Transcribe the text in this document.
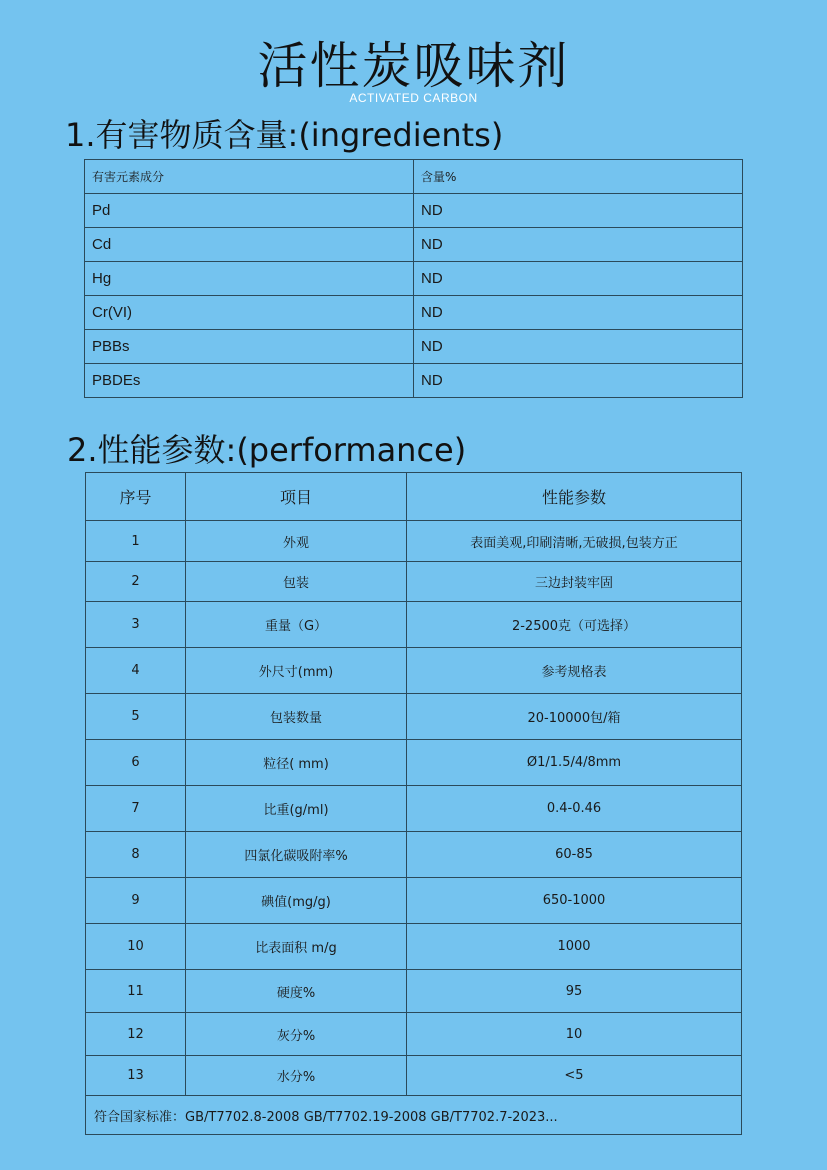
活性炭吸味剂
ACTIVATED CARBON
1.有害物质含量:(ingredients)
有害元素成分	含量%
Pd	ND
Cd	ND
Hg	ND
Cr(VI)	ND
PBBs	ND
PBDEs	ND
2.性能参数:(performance)
序号	项目	性能参数
1	外观	表面美观,印刷清晰,无破损,包装方正
2	包装	三边封装牢固
3	重量（G）	2-2500克（可选择）
4	外尺寸(mm)	参考规格表
5	包装数量	20-10000包/箱
6	粒径( mm)	Ø1/1.5/4/8mm
7	比重(g/ml)	0.4-0.46
8	四氯化碳吸附率%	60-85
9	碘值(mg/g)	650-1000
10	比表面积 m/g	1000
11	硬度%	95
12	灰分%	10
13	水分%	<5
符合国家标准：GB/T7702.8-2008 GB/T7702.19-2008 GB/T7702.7-2023...		
